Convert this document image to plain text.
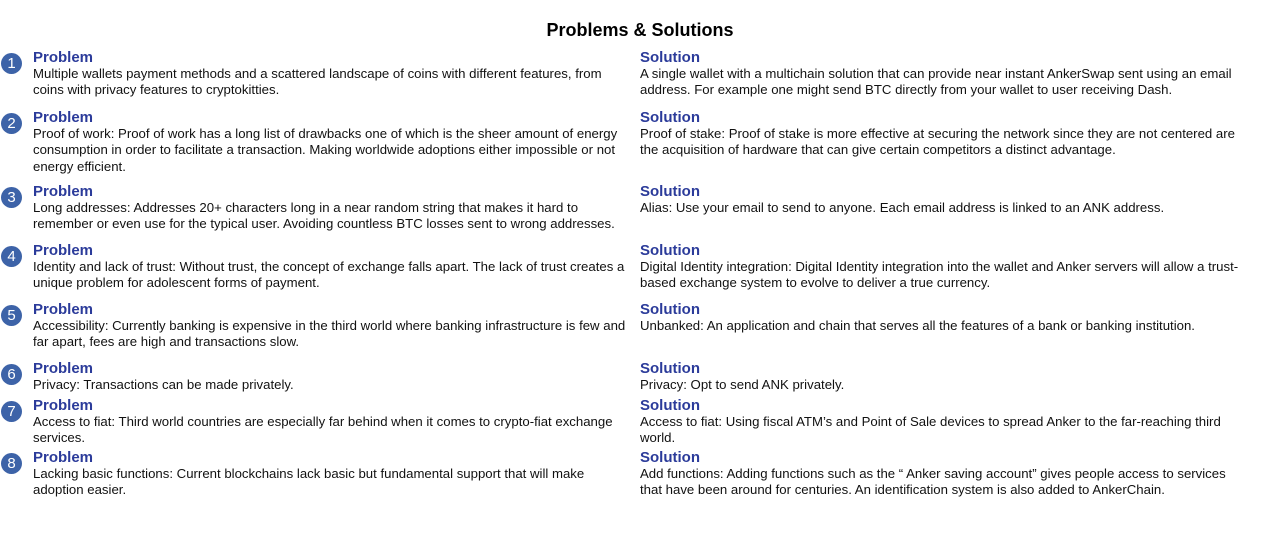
Problems & Solutions
1	Problem
Multiple wallets payment methods and a scattered landscape of coins with different features, from coins with privacy features to cryptokitties.
Solution
A single wallet with a multichain solution that can provide near instant AnkerSwap sent using an email address. For example one might send BTC directly from your wallet to user receiving Dash.
2	Problem
Proof of work: Proof of work has a long list of drawbacks one of which is the sheer amount of energy consumption in order to facilitate a transaction. Making worldwide adoptions either impossible or not energy efficient.
Solution
Proof of stake: Proof of stake is more effective at securing the network since they are not centered are the acquisition of hardware that can give certain competitors a distinct advantage.
3	Problem
Long addresses: Addresses 20+ characters long in a near random string that makes it hard to remember or even use for the typical user. Avoiding countless BTC losses sent to wrong addresses.
Solution
Alias: Use your email to send to anyone. Each email address is linked to an ANK address.
4	Problem
Identity and lack of trust: Without trust, the concept of exchange falls apart. The lack of trust creates a unique problem for adolescent forms of payment.
Solution
Digital Identity integration: Digital Identity integration into the wallet and Anker servers will allow a trust-based exchange system to evolve to deliver a true currency.
5	Problem
Accessibility: Currently banking is expensive in the third world where banking infrastructure is few and far apart, fees are high and transactions slow.
Solution
Unbanked: An application and chain that serves all the features of a bank or banking institution.
6	Problem
Privacy: Transactions can be made privately.
Solution
Privacy: Opt to send ANK privately.
7	Problem
Access to fiat: Third world countries are especially far behind when it comes to crypto-fiat exchange services.
Solution
Access to fiat: Using fiscal ATM’s and Point of Sale devices to spread Anker to the far-reaching third world.
8	Problem
Lacking basic functions: Current blockchains lack basic but fundamental support that will make adoption easier.
Solution
Add functions: Adding functions such as the “ Anker saving account” gives people access to services that have been around for centuries. An identification system is also added to AnkerChain.
